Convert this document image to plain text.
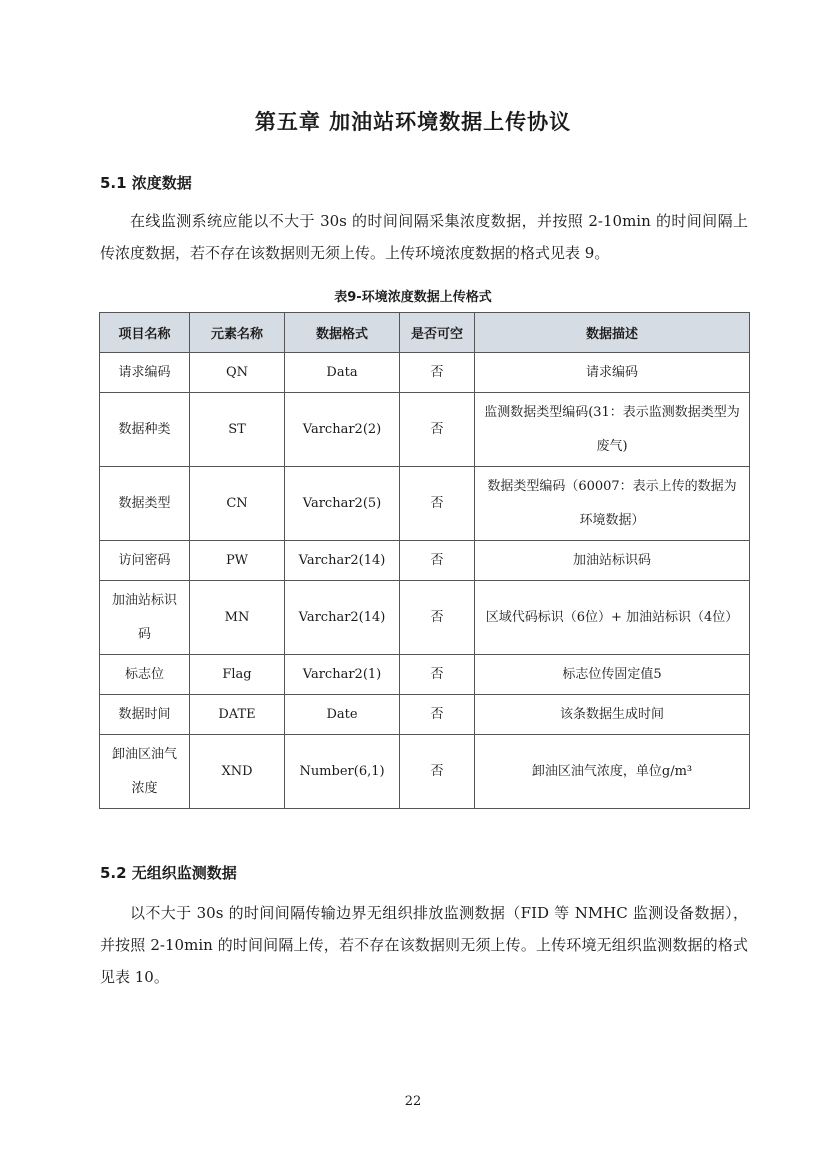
第五章 加油站环境数据上传协议
5.1 浓度数据

在线监测系统应能以不大于 30s 的时间间隔采集浓度数据，并按照 2-10min 的时间间隔上传浓度数据，若不存在该数据则无须上传。上传环境浓度数据的格式见表 9。

表9-环境浓度数据上传格式
项目名称	元素名称	数据格式	是否可空	数据描述
请求编码	QN	Data	否	请求编码
数据种类	ST	Varchar2(2)	否	监测数据类型编码(31：表示监测数据类型为废气)
数据类型	CN	Varchar2(5)	否	数据类型编码（60007：表示上传的数据为环境数据）
访问密码	PW	Varchar2(14)	否	加油站标识码
加油站标识码	MN	Varchar2(14)	否	区域代码标识（6位）+ 加油站标识（4位）
标志位	Flag	Varchar2(1)	否	标志位传固定值5
数据时间	DATE	Date	否	该条数据生成时间
卸油区油气浓度	XND	Number(6,1)	否	卸油区油气浓度，单位g/m³
5.2 无组织监测数据

以不大于 30s 的时间间隔传输边界无组织排放监测数据（FID 等 NMHC 监测设备数据），并按照 2-10min 的时间间隔上传，若不存在该数据则无须上传。上传环境无组织监测数据的格式见表 10。

22
